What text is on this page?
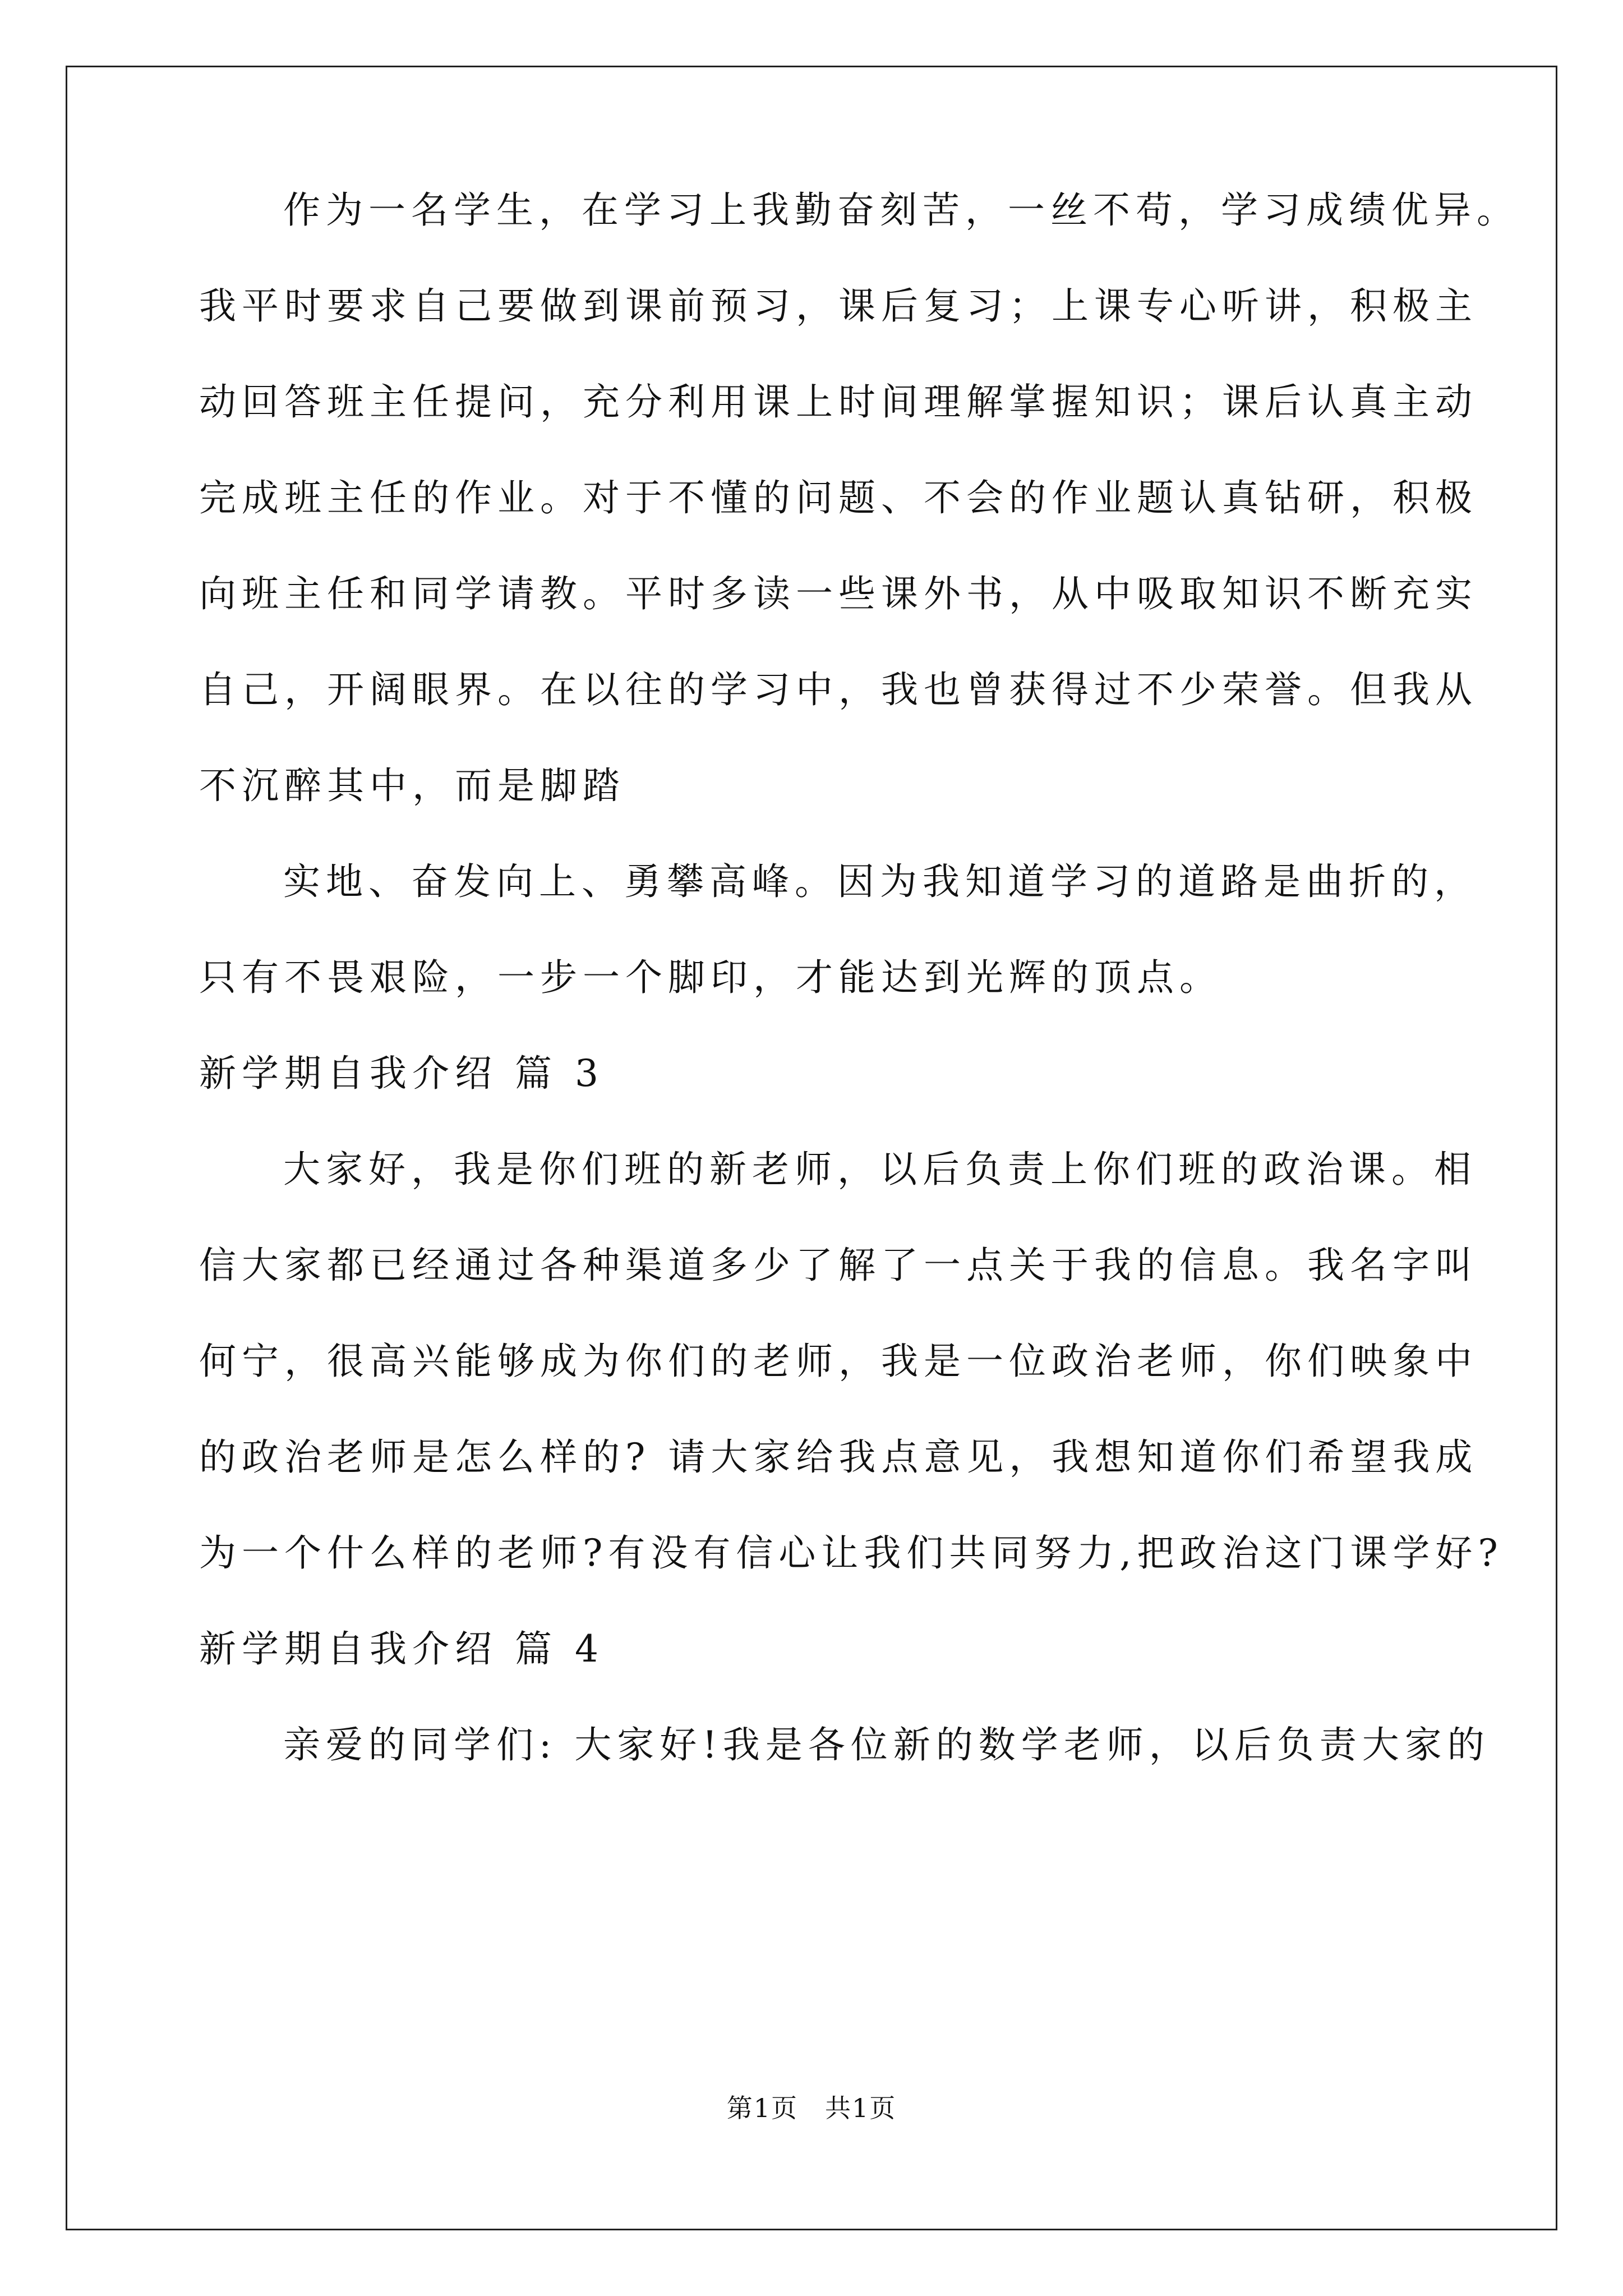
作为一名学生，在学习上我勤奋刻苦，一丝不苟，学习成绩优异。
我平时要求自己要做到课前预习，课后复习；上课专心听讲，积极主
动回答班主任提问，充分利用课上时间理解掌握知识；课后认真主动
完成班主任的作业。对于不懂的问题、不会的作业题认真钻研，积极
向班主任和同学请教。平时多读一些课外书，从中吸取知识不断充实
自己，开阔眼界。在以往的学习中，我也曾获得过不少荣誉。但我从
不沉醉其中，而是脚踏
实地、奋发向上、勇攀高峰。因为我知道学习的道路是曲折的，
只有不畏艰险，一步一个脚印，才能达到光辉的顶点。
新学期自我介绍 篇 3
大家好，我是你们班的新老师，以后负责上你们班的政治课。相
信大家都已经通过各种渠道多少了解了一点关于我的信息。我名字叫
何宁，很高兴能够成为你们的老师，我是一位政治老师，你们映象中
的政治老师是怎么样的? 请大家给我点意见，我想知道你们希望我成
为一个什么样的老师?有没有信心让我们共同努力,把政治这门课学好?
新学期自我介绍 篇 4
亲爱的同学们: 大家好!我是各位新的数学老师，以后负责大家的
第1页　共1页
